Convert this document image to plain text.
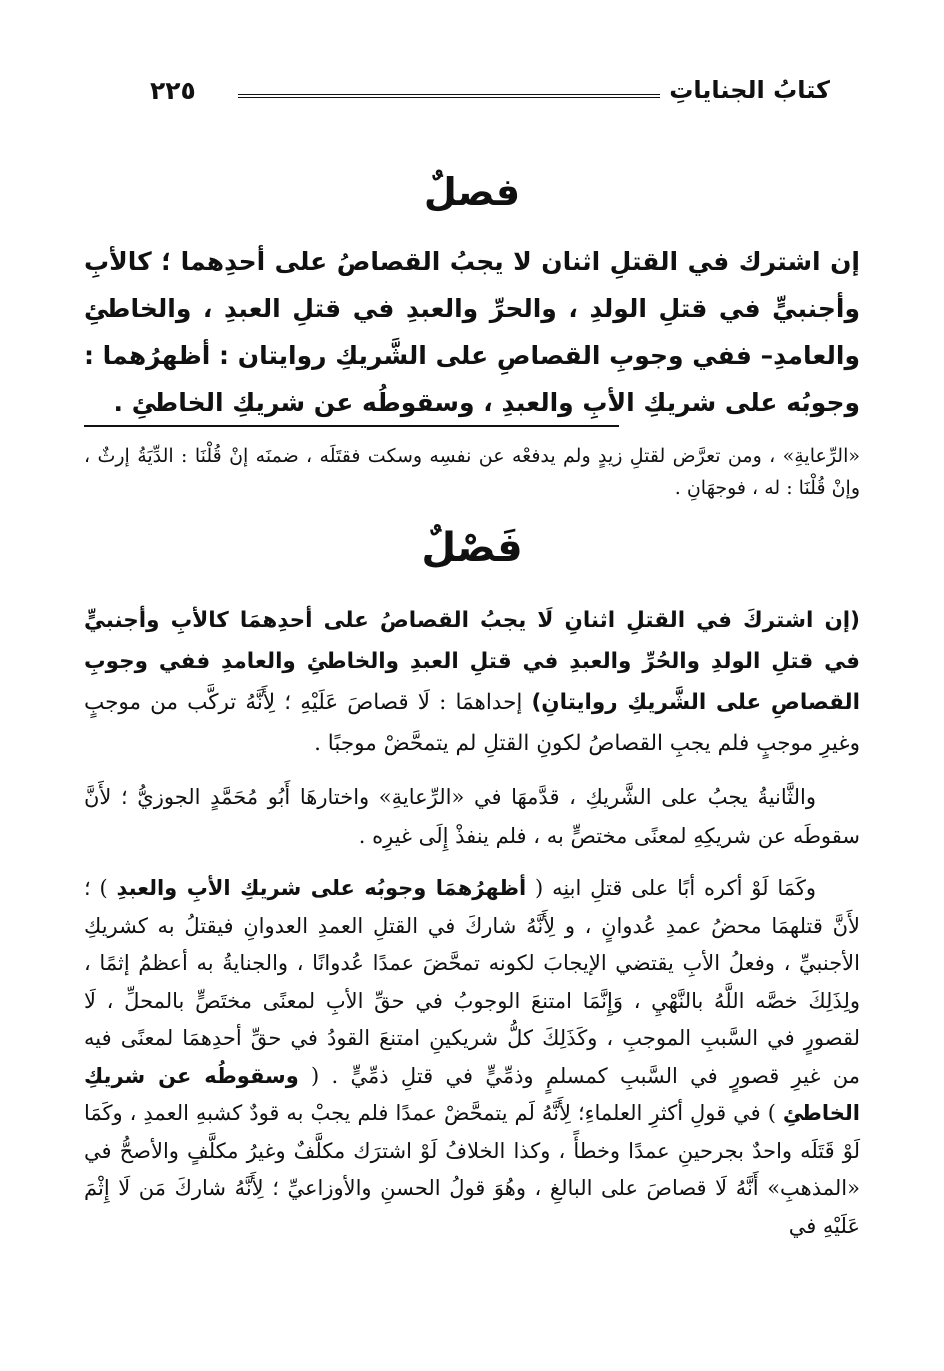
كتابُ الجناياتِ
٢٢٥
فصلٌ
إن اشترك في القتلِ اثنان لا يجبُ القصاصُ على أحدِهما ؛ كالأبِ وأجنبيٍّ في قتلِ الولدِ ، والحرِّ والعبدِ في قتلِ العبدِ ، والخاطئِ والعامدِ– ففي وجوبِ القصاصِ على الشَّريكِ روايتان : أظهرُهما : وجوبُه على شريكِ الأبِ والعبدِ ، وسقوطُه عن شريكِ الخاطئِ .
«الرِّعايةِ» ، ومن تعرَّض لقتلِ زيدٍ ولم يدفعْه عن نفسِه وسكت فقتَلَه ، ضمنَه إنْ قُلْنَا : الدِّيَةُ إرثٌ ، وإنْ قُلْنَا : له ، فوجهَانِ .
فَصْلٌ
(إن اشتركَ في القتلِ اثنانِ لَا يجبُ القصاصُ على أحدِهمَا كالأبِ وأجنبيٍّ في قتلِ الولدِ والحُرِّ والعبدِ في قتلِ العبدِ والخاطئِ والعامدِ ففي وجوبِ القصاصِ على الشَّريكِ روايتانِ) إحداهمَا : لَا قصاصَ عَلَيْهِ ؛ لِأَنَّهُ تركَّب من موجبٍ وغيرِ موجبٍ فلم يجبِ القصاصُ لكونِ القتلِ لم يتمحَّضْ موجبًا .
والثَّانيةُ يجبُ على الشَّريكِ ، قدَّمهَا في «الرِّعايةِ» واختارهَا أَبُو مُحَمَّدٍ الجوزيُّ ؛ لأَنَّ سقوطَه عن شريكِهِ لمعنًى مختصٍّ به ، فلم ينفذْ إِلَى غيرِه .
وكَمَا لَوْ أكره أبًا على قتلِ ابنِه ( أظهرُهمَا وجوبُه على شريكِ الأبِ والعبدِ ) ؛ لأَنَّ قتلهمَا محضُ عمدِ عُدوانٍ ، و لِأَنَّهُ شاركَ في القتلِ العمدِ العدوانِ فيقتلُ به كشريكِ الأجنبيِّ ، وفعلُ الأبِ يقتضي الإيجابَ لكونه تمحَّضَ عمدًا عُدوانًا ، والجنايةُ به أعظمُ إثمًا ، ولِذَلِكَ خصَّه اللَّهُ بالنَّهْيِ ، وَإِنَّمَا امتنعَ الوجوبُ في حقِّ الأبِ لمعنًى مختَصٍّ بالمحلِّ ، لَا لقصورٍ في السَّببِ الموجبِ ، وكَذَلِكَ كلُّ شريكينِ امتنعَ القودُ في حقِّ أحدِهمَا لمعنًى فيه من غيرِ قصورٍ في السَّببِ كمسلمٍ وذمِّيٍّ في قتلِ ذمِّيٍّ . ( وسقوطُه عن شريكِ الخاطئِ ) في قولِ أكثرِ العلماءِ؛ لِأَنَّهُ لَم يتمحَّضْ عمدًا فلم يجبْ به قودٌ كشبهِ العمدِ ، وكَمَا لَوْ قَتَلَه واحدٌ بجرحينِ عمدًا وخطأً ، وكذا الخلافُ لَوْ اشترَك مكلَّفٌ وغيرُ مكلَّفٍ والأصحُّ في «المذهبِ» أَنَّهُ لَا قصاصَ على البالغِ ، وهُوَ قولُ الحسنِ والأوزاعيِّ ؛ لِأَنَّهُ شاركَ مَن لَا إِثْمَ عَلَيْهِ في
